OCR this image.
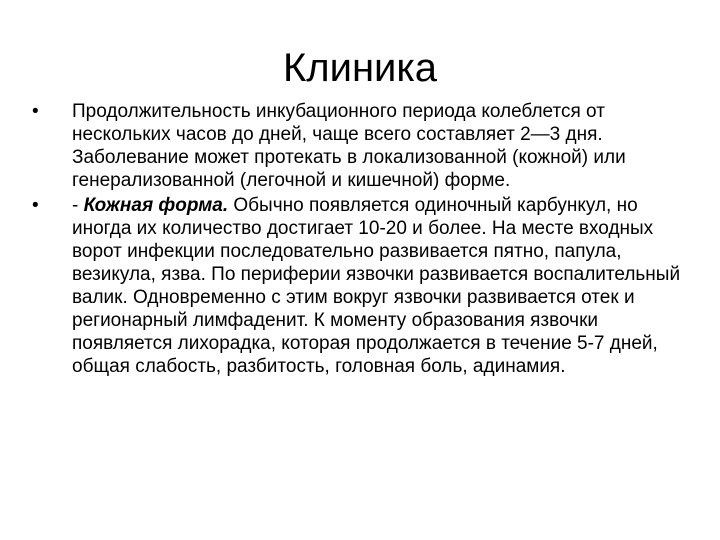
Клиника
•	Продолжительность инкубационного периода колеблется от нескольких часов до дней, чаще всего составляет 2—3 дня. Заболевание может протекать в локализованной (кожной) или генерализованной (легочной и кишечной) форме.
•	- Кожная форма. Обычно появляется одиночный карбункул, но иногда их количество достигает 10-20 и более. На месте входных ворот инфекции последовательно развивается пятно, папула, везикула, язва. По периферии язвочки развивается воспалительный валик. Одновременно с этим вокруг язвочки развивается отек и регионарный лимфаденит. К моменту образования язвочки появляется лихорадка, которая продолжается в течение 5-7 дней, общая слабость, разбитость, головная боль, адинамия.
